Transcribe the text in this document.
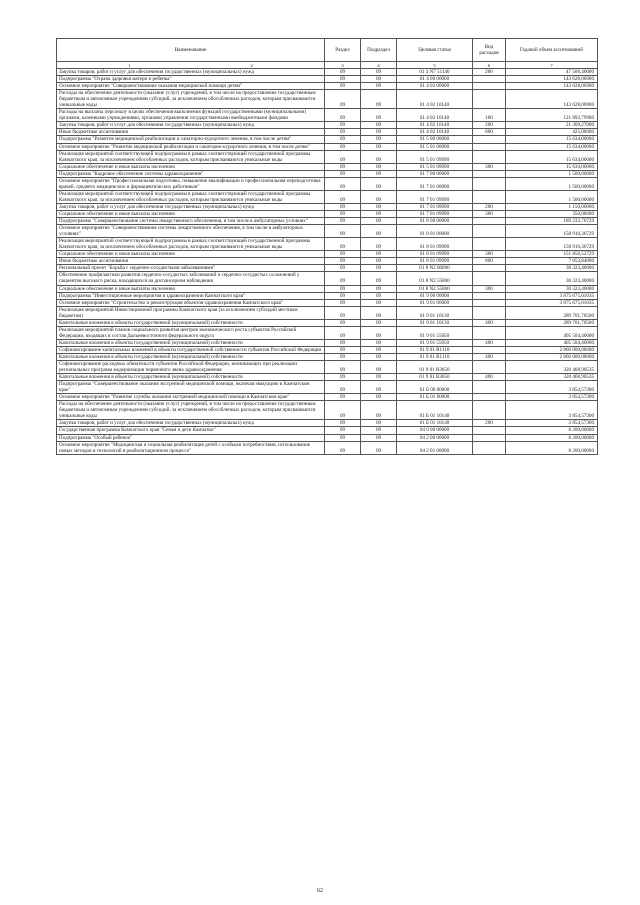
Наименование	Раздел	Подраздел	Целевая статья	Вид расходов	Годовой объем ассигнований
1 2	3	4	5	6	7
Закупка товаров, работ и услуг для обеспечения государственных (муниципальных) нужд	09	09	01 3 N7 51140	200	47 566,40000
Подпрограмма "Охрана здоровья матери и ребенка"	09	09	01 4 00 00000		143 628,06900
Основное мероприятие "Совершенствование оказания медицинской помощи детям"	09	09	01 4 02 00000		143 628,06900
Расходы на обеспечение деятельности (оказание услуг) учреждений, в том числе на предоставление государственным бюджетным и автономным учреждениям субсидий, за исключением обособленных расходов, которым присваиваются уникальные коды	09	09	01 4 02 10140		143 628,06900
Расходы на выплаты персоналу в целях обеспечения выполнения функций государственными (муниципальными) органами, казенными учреждениями, органами управления государственными внебюджетными фондами	09	09	01 4 02 10140	100	121 893,79900
Закупка товаров, работ и услуг для обеспечения государственных (муниципальных) нужд	09	09	01 4 02 10140	200	21 309,27000
Иные бюджетные ассигнования	09	09	01 4 02 10140	800	425,00000
Подпрограмма "Развитие медицинской реабилитации и санаторно-курортного лечения, в том числе детям"	09	09	01 5 00 00000		15 634,00000
Основное мероприятие "Развитие медицинской реабилитации и санаторно-курортного лечения, в том числе детям"	09	09	01 5 01 00000		15 634,00000
Реализация мероприятий соответствующей подпрограммы в рамках соответствующей государственной программы Камчатского края, за исключением обособленных расходов, которым присваиваются уникальные коды	09	09	01 5 01 09990		15 634,00000
Социальное обеспечение и иные выплаты населению	09	09	01 5 01 09990	300	15 634,00000
Подпрограмма "Кадровое обеспечение системы здравоохранения"	09	09	01 7 00 00000		1 500,00000
Основное мероприятие "Профессиональная подготовка, повышение квалификации и профессиональная переподготовка врачей, среднего медицинских и фармацевтических работников"	09	09	01 7 01 00000		1 500,00000
Реализация мероприятий соответствующей подпрограммы в рамках соответствующей государственной программы Камчатского края, за исключением обособленных расходов, которым присваиваются уникальные коды	09	09	01 7 01 09990		1 500,00000
Закупка товаров, работ и услуг для обеспечения государственных (муниципальных) нужд	09	09	01 7 01 09990	200	1 150,00000
Социальное обеспечение и иные выплаты населению	09	09	01 7 01 09990	300	350,00000
Подпрограмма "Совершенствование системы лекарственного обеспечения, в том числе в амбулаторных условиях"	09	09	01 8 00 00000		189 233,76729
Основное мероприятие "Совершенствование системы лекарственного обеспечения, в том числе в амбулаторных условиях"	09	09	01 8 01 00000		158 910,36729
Реализация мероприятий соответствующей подпрограммы в рамках соответствующей государственной программы Камчатского края, за исключением обособленных расходов, которым присваиваются уникальные коды	09	09	01 8 01 09990		158 910,36729
Социальное обеспечение и иные выплаты населению	09	09	01 8 01 09990	300	151 856,52729
Иные бюджетные ассигнования	09	09	01 8 01 09990	800	7 053,84000
Региональный проект "Борьба с сердечно-сосудистыми заболеваниями"	09	09	01 8 N2 00000		30 323,40000
Обеспечение профилактики развития сердечно-сосудистых заболеваний и сердечно-сосудистых осложнений у пациентов высокого риска, находящихся на диспансерном наблюдении	09	09	01 8 N2 55860		30 323,40000
Социальное обеспечение и иные выплаты населению	09	09	01 8 N2 55860	300	30 323,40000
Подпрограмма "Инвестиционные мероприятия в здравоохранении Камчатского края"	09	09	01 9 00 00000		3 875 675,01035
Основное мероприятие "Строительство и реконструкция объектов здравоохранения Камчатского края"	09	09	01 9 01 00000		3 875 675,01035
Реализация мероприятий Инвестиционной программы Камчатского края (за исключением субсидий местным бюджетам)	09	09	01 9 01 10130		289 701,70500
Капитальные вложения в объекты государственной (муниципальной) собственности	09	09	01 9 01 10130	400	289 701,70500
Реализация мероприятий планов социального развития центров экономического роста субъектов Российской Федерации, входящих в состав Дальневосточного федерального округа	09	09	01 9 01 55050		405 504,40000
Капитальные вложения в объекты государственной (муниципальной) собственности	09	09	01 9 01 55050	400	405 504,40000
Софинансирование капитальных вложений в объекты государственной собственности субъектов Российской Федерации	09	09	01 9 01 R1110		2 860 000,00000
Капитальные вложения в объекты государственной (муниципальной) собственности	09	09	01 9 01 R1110	400	2 860 000,00000
Софинансирование расходных обязательств субъектов Российской Федерации, возникающих при реализации региональных программ модернизации первичного звена здравоохранения	09	09	01 9 01 R3650		320 468,90535
Капитальные вложения в объекты государственной (муниципальной) собственности	09	09	01 9 01 R3650	400	320 468,90535
Подпрограмма "Совершенствование оказания экстренной медицинской помощи, включая эвакуацию в Камчатском крае"	09	09	01 Б 00 00000		3 854,57300
Основное мероприятие "Развитие службы оказания экстренной медицинской помощи в Камчатском крае"	09	09	01 Б 01 00000		3 854,57300
Расходы на обеспечение деятельности (оказание услуг) учреждений, в том числе на предоставление государственным бюджетным и автономным учреждениям субсидий, за исключением обособленных расходов, которым присваиваются уникальные коды	09	09	01 Б 01 10140		3 854,57300
Закупка товаров, работ и услуг для обеспечения государственных (муниципальных) нужд	09	09	01 Б 01 10140	200	3 854,57300
Государственная программа Камчатского края "Семья и дети Камчатки"	09	09	04 0 00 00000		8 200,00000
Подпрограмма "Особый ребенок"	09	09	04 2 00 00000		8 200,00000
Основное мероприятие "Медицинская и социальная реабилитация детей с особыми потребностями, использование новых методов и технологий в реабилитационном процессе"	09	09	04 2 01 00000		8 200,00000
62
